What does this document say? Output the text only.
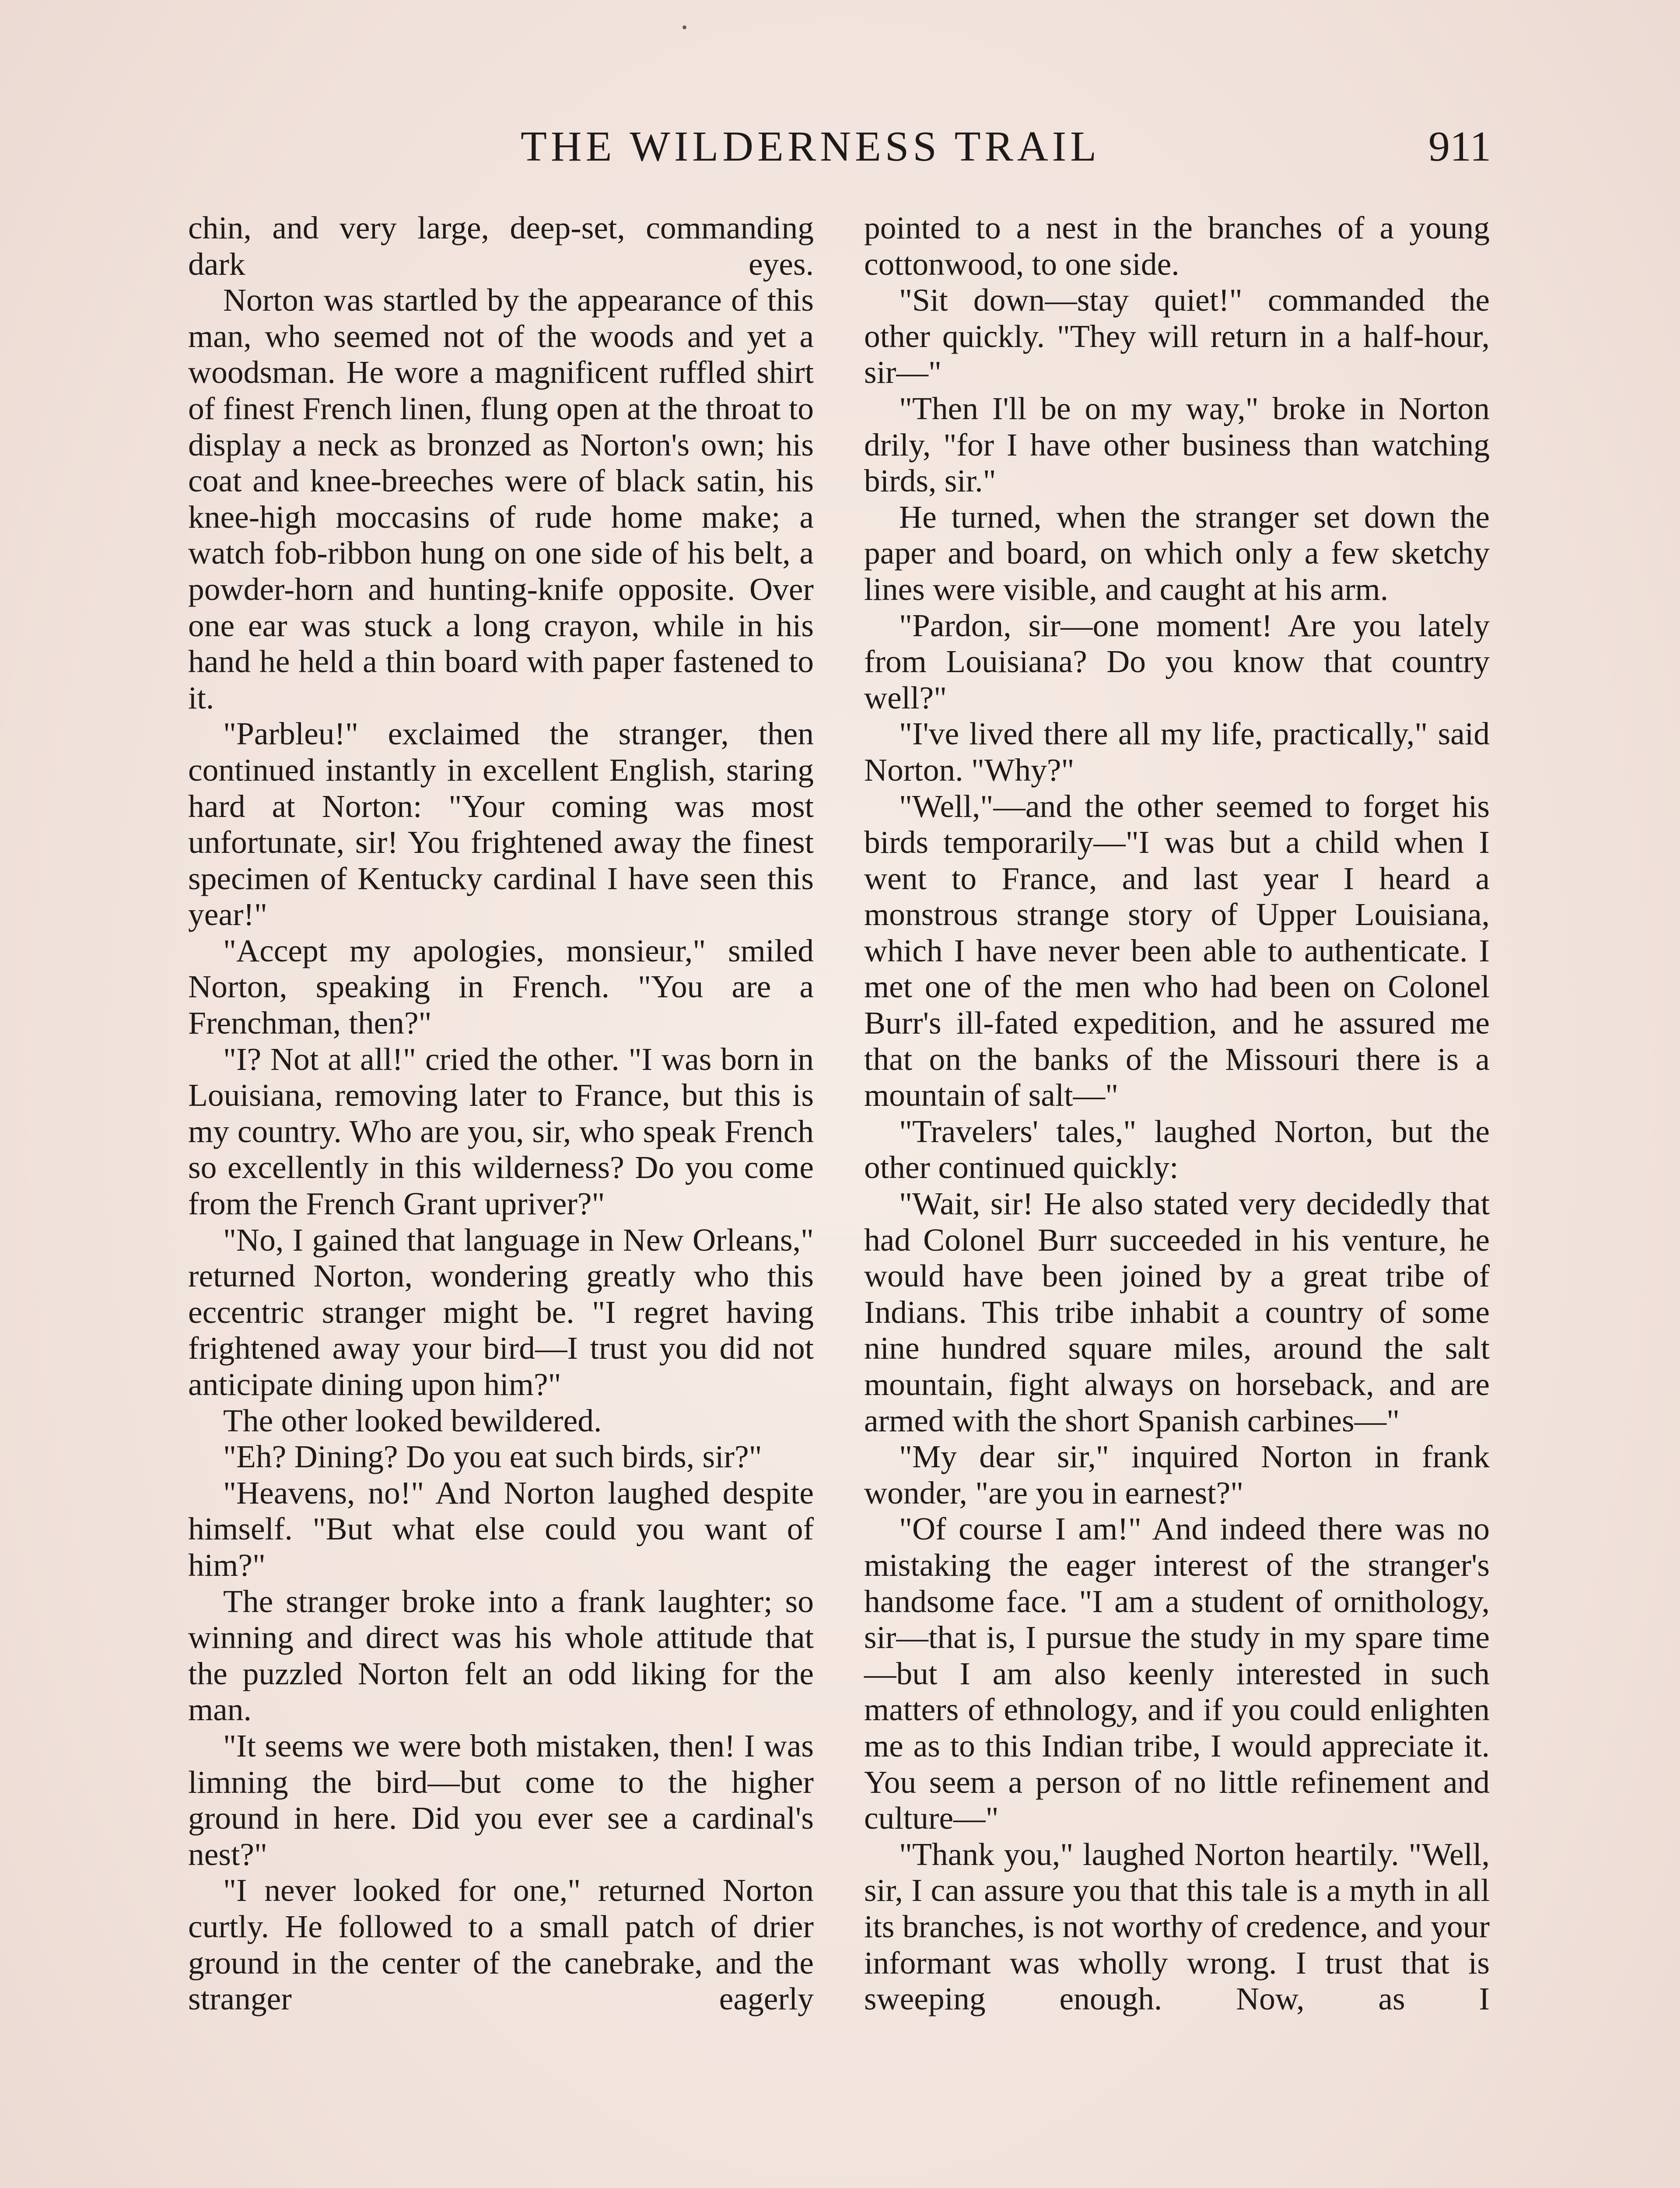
THE WILDERNESS TRAIL	911

chin, and very large, deep-set, commanding dark eyes.

Norton was startled by the appearance of this man, who seemed not of the woods and yet a woodsman. He wore a magnificent ruffled shirt of finest French linen, flung open at the throat to display a neck as bronzed as Norton's own; his coat and knee-breeches were of black satin, his knee-high moccasins of rude home make; a watch fob-ribbon hung on one side of his belt, a powder-horn and hunting-knife opposite. Over one ear was stuck a long crayon, while in his hand he held a thin board with paper fastened to it.

"Parbleu!" exclaimed the stranger, then continued instantly in excellent English, staring hard at Norton: "Your coming was most unfortunate, sir! You frightened away the finest specimen of Kentucky cardinal I have seen this year!"

"Accept my apologies, monsieur," smiled Norton, speaking in French. "You are a Frenchman, then?"

"I? Not at all!" cried the other. "I was born in Louisiana, removing later to France, but this is my country. Who are you, sir, who speak French so excellently in this wilderness? Do you come from the French Grant upriver?"

"No, I gained that language in New Orleans," returned Norton, wondering greatly who this eccentric stranger might be. "I regret having frightened away your bird—I trust you did not anticipate dining upon him?"

The other looked bewildered.

"Eh? Dining? Do you eat such birds, sir?"

"Heavens, no!" And Norton laughed despite himself. "But what else could you want of him?"

The stranger broke into a frank laughter; so winning and direct was his whole attitude that the puzzled Norton felt an odd liking for the man.

"It seems we were both mistaken, then! I was limning the bird—but come to the higher ground in here. Did you ever see a cardinal's nest?"

"I never looked for one," returned Norton curtly. He followed to a small patch of drier ground in the center of the canebrake, and the stranger eagerly

pointed to a nest in the branches of a young cottonwood, to one side.

"Sit down—stay quiet!" commanded the other quickly. "They will return in a half-hour, sir—"

"Then I'll be on my way," broke in Norton drily, "for I have other business than watching birds, sir."

He turned, when the stranger set down the paper and board, on which only a few sketchy lines were visible, and caught at his arm.

"Pardon, sir—one moment! Are you lately from Louisiana? Do you know that country well?"

"I've lived there all my life, practically," said Norton. "Why?"

"Well,"—and the other seemed to forget his birds temporarily—"I was but a child when I went to France, and last year I heard a monstrous strange story of Upper Louisiana, which I have never been able to authenticate. I met one of the men who had been on Colonel Burr's ill-fated expedition, and he assured me that on the banks of the Missouri there is a mountain of salt—"

"Travelers' tales," laughed Norton, but the other continued quickly:

"Wait, sir! He also stated very decidedly that had Colonel Burr succeeded in his venture, he would have been joined by a great tribe of Indians. This tribe inhabit a country of some nine hundred square miles, around the salt mountain, fight always on horseback, and are armed with the short Spanish carbines—"

"My dear sir," inquired Norton in frank wonder, "are you in earnest?"

"Of course I am!" And indeed there was no mistaking the eager interest of the stranger's handsome face. "I am a student of ornithology, sir—that is, I pursue the study in my spare time—but I am also keenly interested in such matters of ethnology, and if you could enlighten me as to this Indian tribe, I would appreciate it. You seem a person of no little refinement and culture—"

"Thank you," laughed Norton heartily. "Well, sir, I can assure you that this tale is a myth in all its branches, is not worthy of credence, and your informant was wholly wrong. I trust that is sweeping enough. Now, as I
